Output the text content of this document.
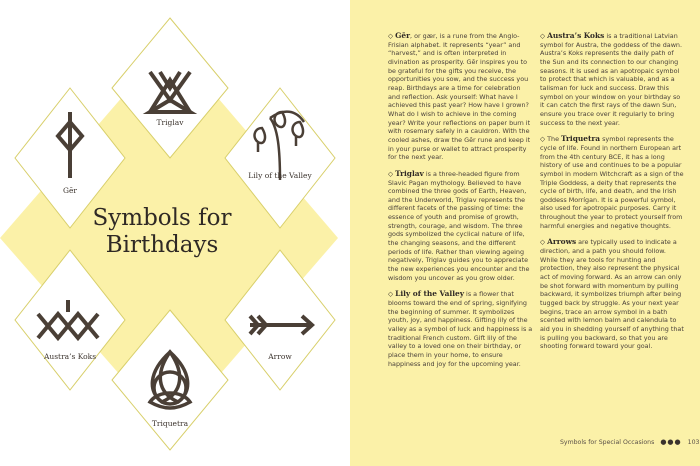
Triglav
Gēr
Lily of the Valley
Austra’s Koks	Arrow
Triquetra
Symbols for
Birthdays

◇ Gēr, or gær, is a rune from the Anglo-Frisian alphabet. It represents “year” and “harvest,” and is often interpreted in divination as prosperity. Gēr inspires you to be grateful for the gifts you receive, the opportunities you sow, and the success you reap. Birthdays are a time for celebration and reflection. Ask yourself: What have I achieved this past year? How have I grown? What do I wish to achieve in the coming year? Write your reflections on paper burn it with rosemary safely in a cauldron. With the cooled ashes, draw the Gēr rune and keep it in your purse or wallet to attract prosperity for the next year.

◇ Triglav is a three-headed figure from Slavic Pagan mythology. Believed to have combined the three gods of Earth, Heaven, and the Underworld, Triglav represents the different facets of the passing of time: the essence of youth and promise of growth, strength, courage, and wisdom. The three gods symbolized the cyclical nature of life, the changing seasons, and the different periods of life. Rather than viewing ageing negatively, Triglav guides you to appreciate the new experiences you encounter and the wisdom you uncover as you grow older.

◇ Lily of the Valley is a flower that blooms toward the end of spring, signifying the beginning of summer. It symbolizes youth, joy, and happiness. Gifting lily of the valley as a symbol of luck and happiness is a traditional French custom. Gift lily of the valley to a loved one on their birthday, or place them in your home, to ensure happiness and joy for the upcoming year.

◇ Austra’s Koks is a traditional Latvian symbol for Austra, the goddess of the dawn. Austra’s Koks represents the daily path of the Sun and its connection to our changing seasons. It is used as an apotropaic symbol to protect that which is valuable, and as a talisman for luck and success. Draw this symbol on your window on your birthday so it can catch the first rays of the dawn Sun, ensure you trace over it regularly to bring success to the next year.

◇ The Triquetra symbol represents the cycle of life. Found in northern European art from the 4th century BCE, it has a long history of use and continues to be a popular symbol in modern Witchcraft as a sign of the Triple Goddess, a deity that represents the cycle of birth, life, and death, and the Irish goddess Morrígan. It is a powerful symbol, also used for apotropaic purposes. Carry it throughout the year to protect yourself from harmful energies and negative thoughts.

◇ Arrows are typically used to indicate a direction, and a path you should follow. While they are tools for hunting and protection, they also represent the physical act of moving forward. As an arrow can only be shot forward with momentum by pulling backward, it symbolizes triumph after being tugged back by struggle. As your next year begins, trace an arrow symbol in a bath scented with lemon balm and calendula to aid you in shedding yourself of anything that is pulling you backward, so that you are shooting forward toward your goal.

Symbols for Special Occasions ●●● 103
